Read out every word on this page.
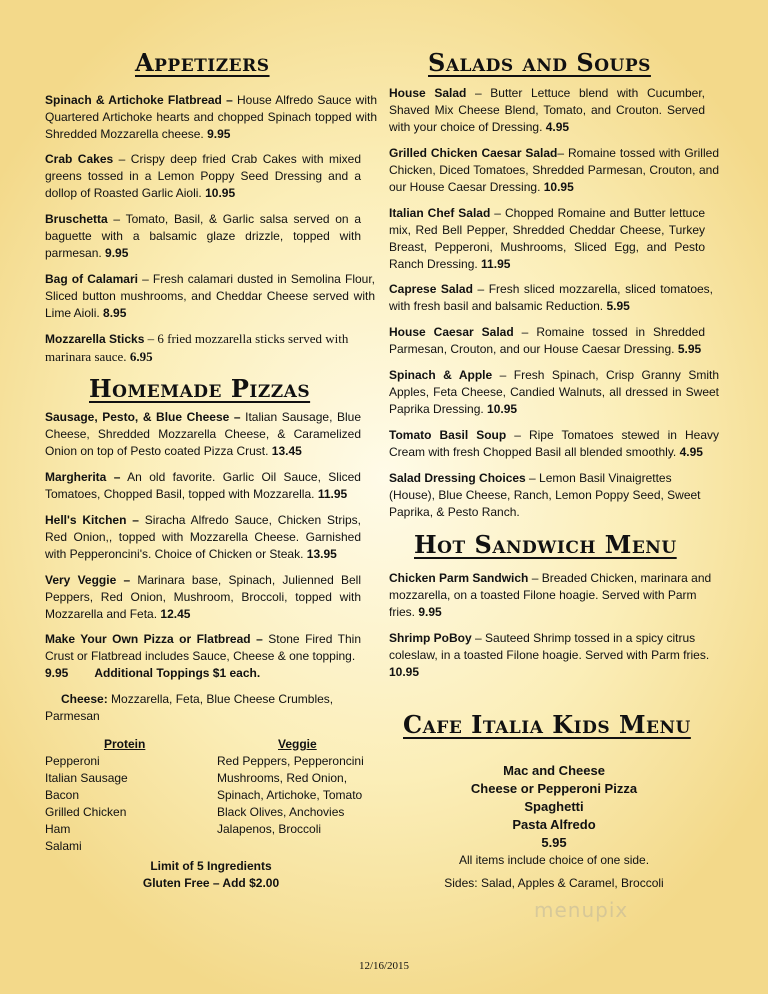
Appetizers

Spinach & Artichoke Flatbread – House Alfredo Sauce with Quartered Artichoke hearts and chopped Spinach topped with Shredded Mozzarella cheese. 9.95

Crab Cakes – Crispy deep fried Crab Cakes with mixed greens tossed in a Lemon Poppy Seed Dressing and a dollop of Roasted Garlic Aioli. 10.95

Bruschetta – Tomato, Basil, & Garlic salsa served on a baguette with a balsamic glaze drizzle, topped with parmesan. 9.95

Bag of Calamari – Fresh calamari dusted in Semolina Flour, Sliced button mushrooms, and Cheddar Cheese served with Lime Aioli. 8.95

Mozzarella Sticks – 6 fried mozzarella sticks served with marinara sauce. 6.95

Homemade Pizzas

Sausage, Pesto, & Blue Cheese – Italian Sausage, Blue Cheese, Shredded Mozzarella Cheese, & Caramelized Onion on top of Pesto coated Pizza Crust. 13.45

Margherita – An old favorite. Garlic Oil Sauce, Sliced Tomatoes, Chopped Basil, topped with Mozzarella. 11.95

Hell's Kitchen – Siracha Alfredo Sauce, Chicken Strips, Red Onion,, topped with Mozzarella Cheese. Garnished with Pepperoncini's. Choice of Chicken or Steak. 13.95

Very Veggie – Marinara base, Spinach, Julienned Bell Peppers, Red Onion, Mushroom, Broccoli, topped with Mozzarella and Feta. 12.45

Make Your Own Pizza or Flatbread – Stone Fired Thin Crust or Flatbread includes Sauce, Cheese & one topping.
9.95 Additional Toppings $1 each.

Cheese: Mozzarella, Feta, Blue Cheese Crumbles, Parmesan

Protein	Veggie
Pepperoni
Italian Sausage
Bacon
Grilled Chicken
Ham
Salami
Red Peppers, Pepperoncini
Mushrooms, Red Onion,
Spinach, Artichoke, Tomato
Black Olives, Anchovies
Jalapenos, Broccoli
Limit of 5 Ingredients
Gluten Free – Add $2.00
Salads and Soups

House Salad – Butter Lettuce blend with Cucumber, Shaved Mix Cheese Blend, Tomato, and Crouton. Served with your choice of Dressing. 4.95

Grilled Chicken Caesar Salad– Romaine tossed with Grilled Chicken, Diced Tomatoes, Shredded Parmesan, Crouton, and our House Caesar Dressing. 10.95

Italian Chef Salad – Chopped Romaine and Butter lettuce mix, Red Bell Pepper, Shredded Cheddar Cheese, Turkey Breast, Pepperoni, Mushrooms, Sliced Egg, and Pesto Ranch Dressing. 11.95

Caprese Salad – Fresh sliced mozzarella, sliced tomatoes, with fresh basil and balsamic Reduction. 5.95

House Caesar Salad – Romaine tossed in Shredded Parmesan, Crouton, and our House Caesar Dressing. 5.95

Spinach & Apple – Fresh Spinach, Crisp Granny Smith Apples, Feta Cheese, Candied Walnuts, all dressed in Sweet Paprika Dressing. 10.95

Tomato Basil Soup – Ripe Tomatoes stewed in Heavy Cream with fresh Chopped Basil all blended smoothly. 4.95

Salad Dressing Choices – Lemon Basil Vinaigrettes (House), Blue Cheese, Ranch, Lemon Poppy Seed, Sweet Paprika, & Pesto Ranch.

Hot Sandwich Menu

Chicken Parm Sandwich – Breaded Chicken, marinara and mozzarella, on a toasted Filone hoagie. Served with Parm fries. 9.95

Shrimp PoBoy – Sauteed Shrimp tossed in a spicy citrus coleslaw, in a toasted Filone hoagie. Served with Parm fries. 10.95

Cafe Italia Kids Menu
Mac and Cheese
Cheese or Pepperoni Pizza
Spaghetti
Pasta Alfredo
5.95
All items include choice of one side.
Sides: Salad, Apples & Caramel, Broccoli
menupix
12/16/2015
